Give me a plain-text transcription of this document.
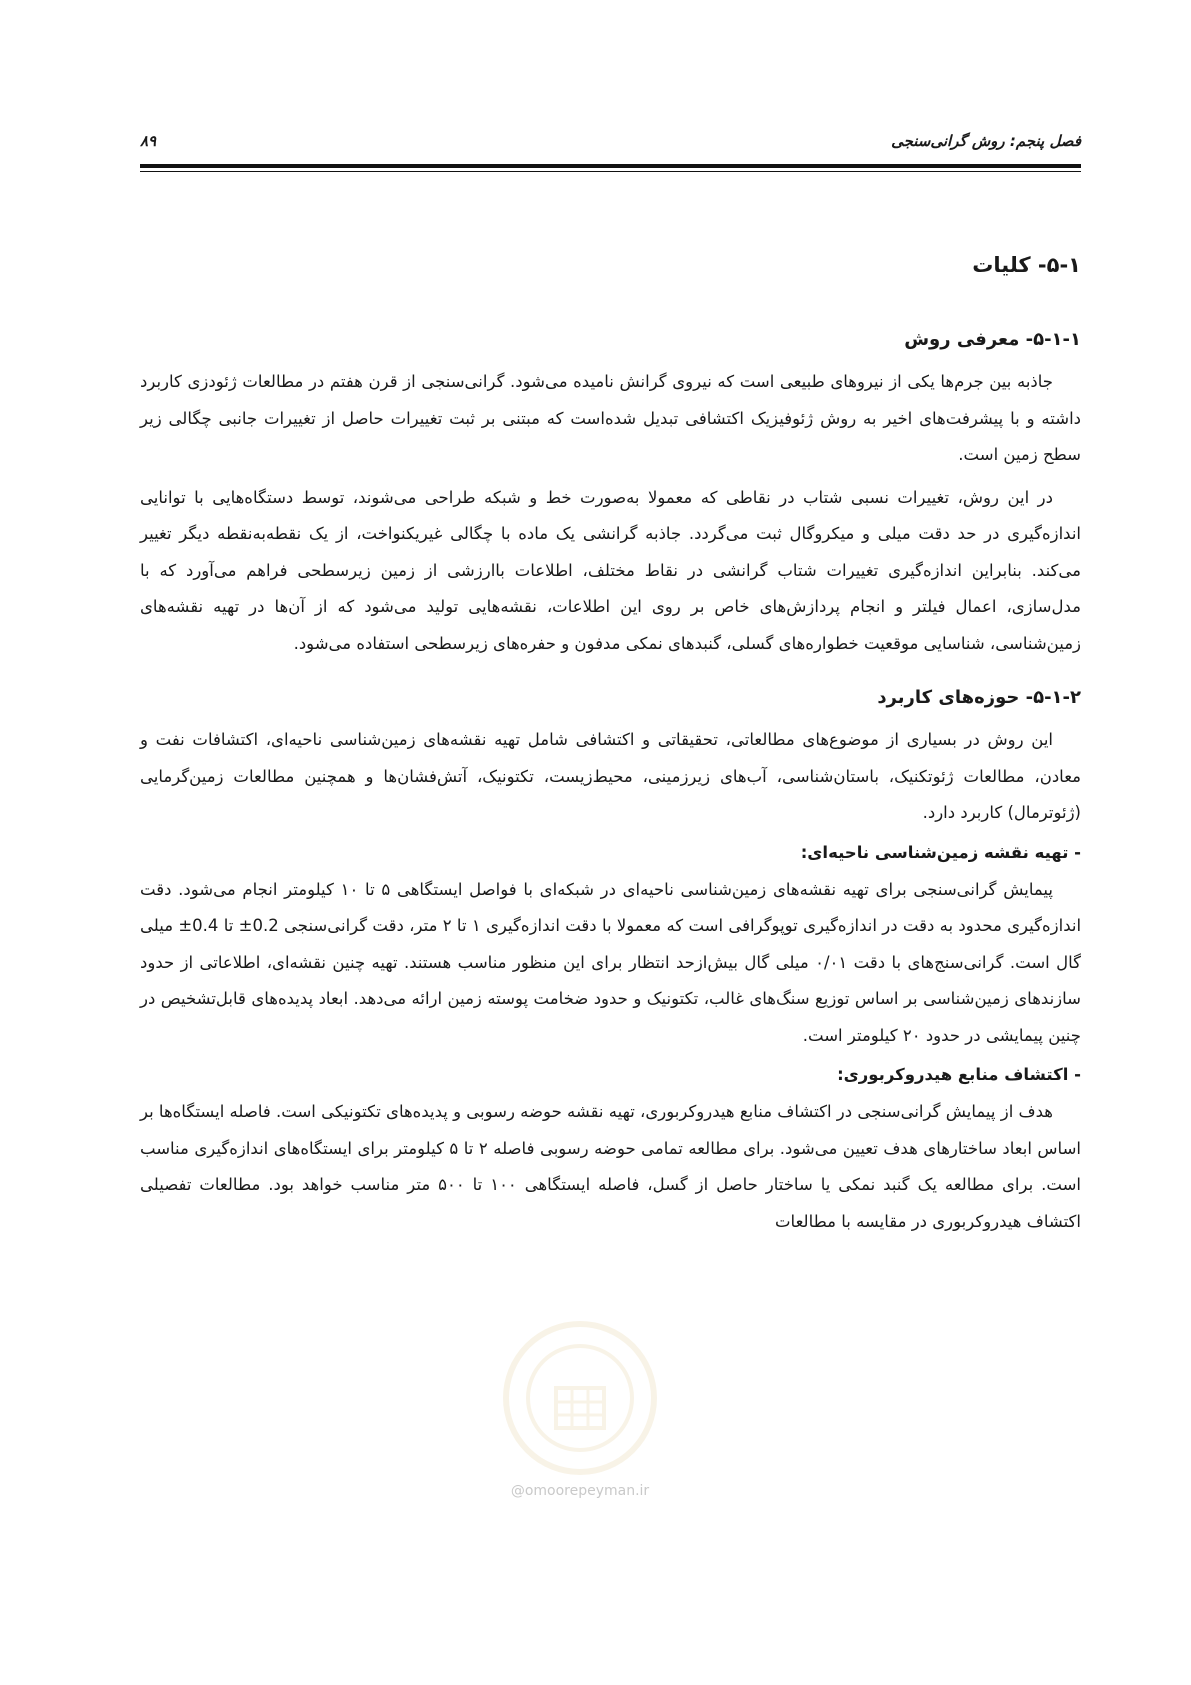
فصل پنجم: روش گرانی‌سنجی
۸۹
۵-۱- کلیات
۵-۱-۱- معرفی روش

جاذبه بین جرم‌ها یکی از نیروهای طبیعی است که نیروی گرانش نامیده می‌شود. گرانی‌سنجی از قرن هفتم در مطالعات ژئودزی کاربرد داشته و با پیشرفت‌های اخیر به روش ژئوفیزیک اکتشافی تبدیل شده‌است که مبتنی بر ثبت تغییرات حاصل از تغییرات جانبی چگالی زیر سطح زمین است.

در این روش، تغییرات نسبی شتاب در نقاطی که معمولا به‌صورت خط و شبکه طراحی می‌شوند، توسط دستگاه‌هایی با توانایی اندازه‌گیری در حد دقت میلی و میکروگال ثبت می‌گردد. جاذبه گرانشی یک ماده با چگالی غیریکنواخت، از یک نقطه‌به‌نقطه دیگر تغییر می‌کند. بنابراین اندازه‌گیری تغییرات شتاب گرانشی در نقاط مختلف، اطلاعات باارزشی از زمین زیرسطحی فراهم می‌آورد که با مدل‌سازی، اعمال فیلتر و انجام پردازش‌های خاص بر روی این اطلاعات، نقشه‌هایی تولید می‌شود که از آن‌ها در تهیه نقشه‌های زمین‌شناسی، شناسایی موقعیت خطواره‌های گسلی، گنبدهای نمکی مدفون و حفره‌های زیرسطحی استفاده می‌شود.

۵-۱-۲- حوزه‌های کاربرد

این روش در بسیاری از موضوع‌های مطالعاتی، تحقیقاتی و اکتشافی شامل تهیه نقشه‌های زمین‌شناسی ناحیه‌ای، اکتشافات نفت و معادن، مطالعات ژئوتکنیک، باستان‌شناسی، آب‌های زیرزمینی، محیط‌زیست، تکتونیک، آتش‌فشان‌ها و همچنین مطالعات زمین‌گرمایی (ژئوترمال) کاربرد دارد.

- تهیه نقشه زمین‌شناسی ناحیه‌ای:

پیمایش گرانی‌سنجی برای تهیه نقشه‌های زمین‌شناسی ناحیه‌ای در شبکه‌ای با فواصل ایستگاهی ۵ تا ۱۰ کیلومتر انجام می‌شود. دقت اندازه‌گیری محدود به دقت در اندازه‌گیری توپوگرافی است که معمولا با دقت اندازه‌گیری ۱ تا ۲ متر، دقت گرانی‌سنجی 0.2± تا 0.4± میلی گال است. گرانی‌سنج‌های با دقت ۰/۰۱ میلی گال بیش‌ازحد انتظار برای این منظور مناسب هستند. تهیه چنین نقشه‌ای، اطلاعاتی از حدود سازندهای زمین‌شناسی بر اساس توزیع سنگ‌های غالب، تکتونیک و حدود ضخامت پوسته زمین ارائه می‌دهد. ابعاد پدیده‌های قابل‌تشخیص در چنین پیمایشی در حدود ۲۰ کیلومتر است.

- اکتشاف منابع هیدروکربوری:

هدف از پیمایش گرانی‌سنجی در اکتشاف منابع هیدروکربوری، تهیه نقشه حوضه رسوبی و پدیده‌های تکتونیکی است. فاصله ایستگاه‌ها بر اساس ابعاد ساختارهای هدف تعیین می‌شود. برای مطالعه تمامی حوضه رسوبی فاصله ۲ تا ۵ کیلومتر برای ایستگاه‌های اندازه‌گیری مناسب است. برای مطالعه یک گنبد نمکی یا ساختار حاصل از گسل، فاصله ایستگاهی ۱۰۰ تا ۵۰۰ متر مناسب خواهد بود. مطالعات تفصیلی اکتشاف هیدروکربوری در مقایسه با مطالعات

@omoorepeyman.ir
